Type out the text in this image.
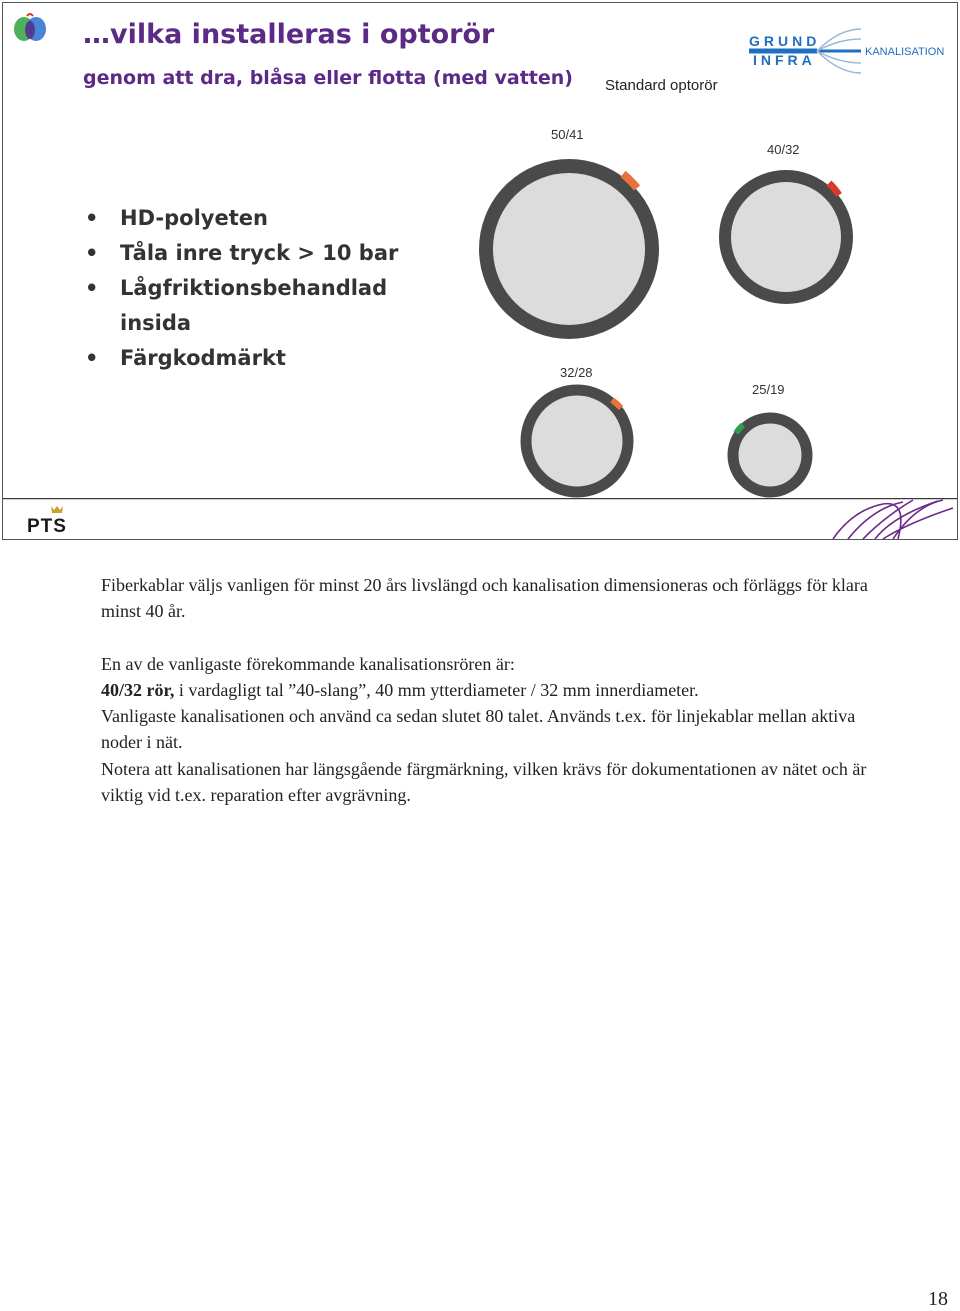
…vilka installeras i optorör
genom att dra, blåsa eller flotta (med vatten)
GRUND
INFRA	KANALISATION
Standard optorör
• HD-polyeten
• Tåla inre tryck > 10 bar
• Lågfriktionsbehandlad insida
• Färgkodmärkt
50/41
40/32
32/28
25/19
PTS

Fiberkablar väljs vanligen för minst 20 års livslängd och kanalisation dimensioneras och förläggs för klara minst 40 år.

En av de vanligaste förekommande kanalisationsrören är:

40/32 rör, i vardagligt tal ”40-slang”, 40 mm ytterdiameter / 32 mm innerdiameter.

Vanligaste kanalisationen och använd ca sedan slutet 80 talet. Används t.ex. för linjekablar mellan aktiva noder i nät.

Notera att kanalisationen har längsgående färgmärkning, vilken krävs för dokumentationen av nätet och är viktig vid t.ex. reparation efter avgrävning.

18
